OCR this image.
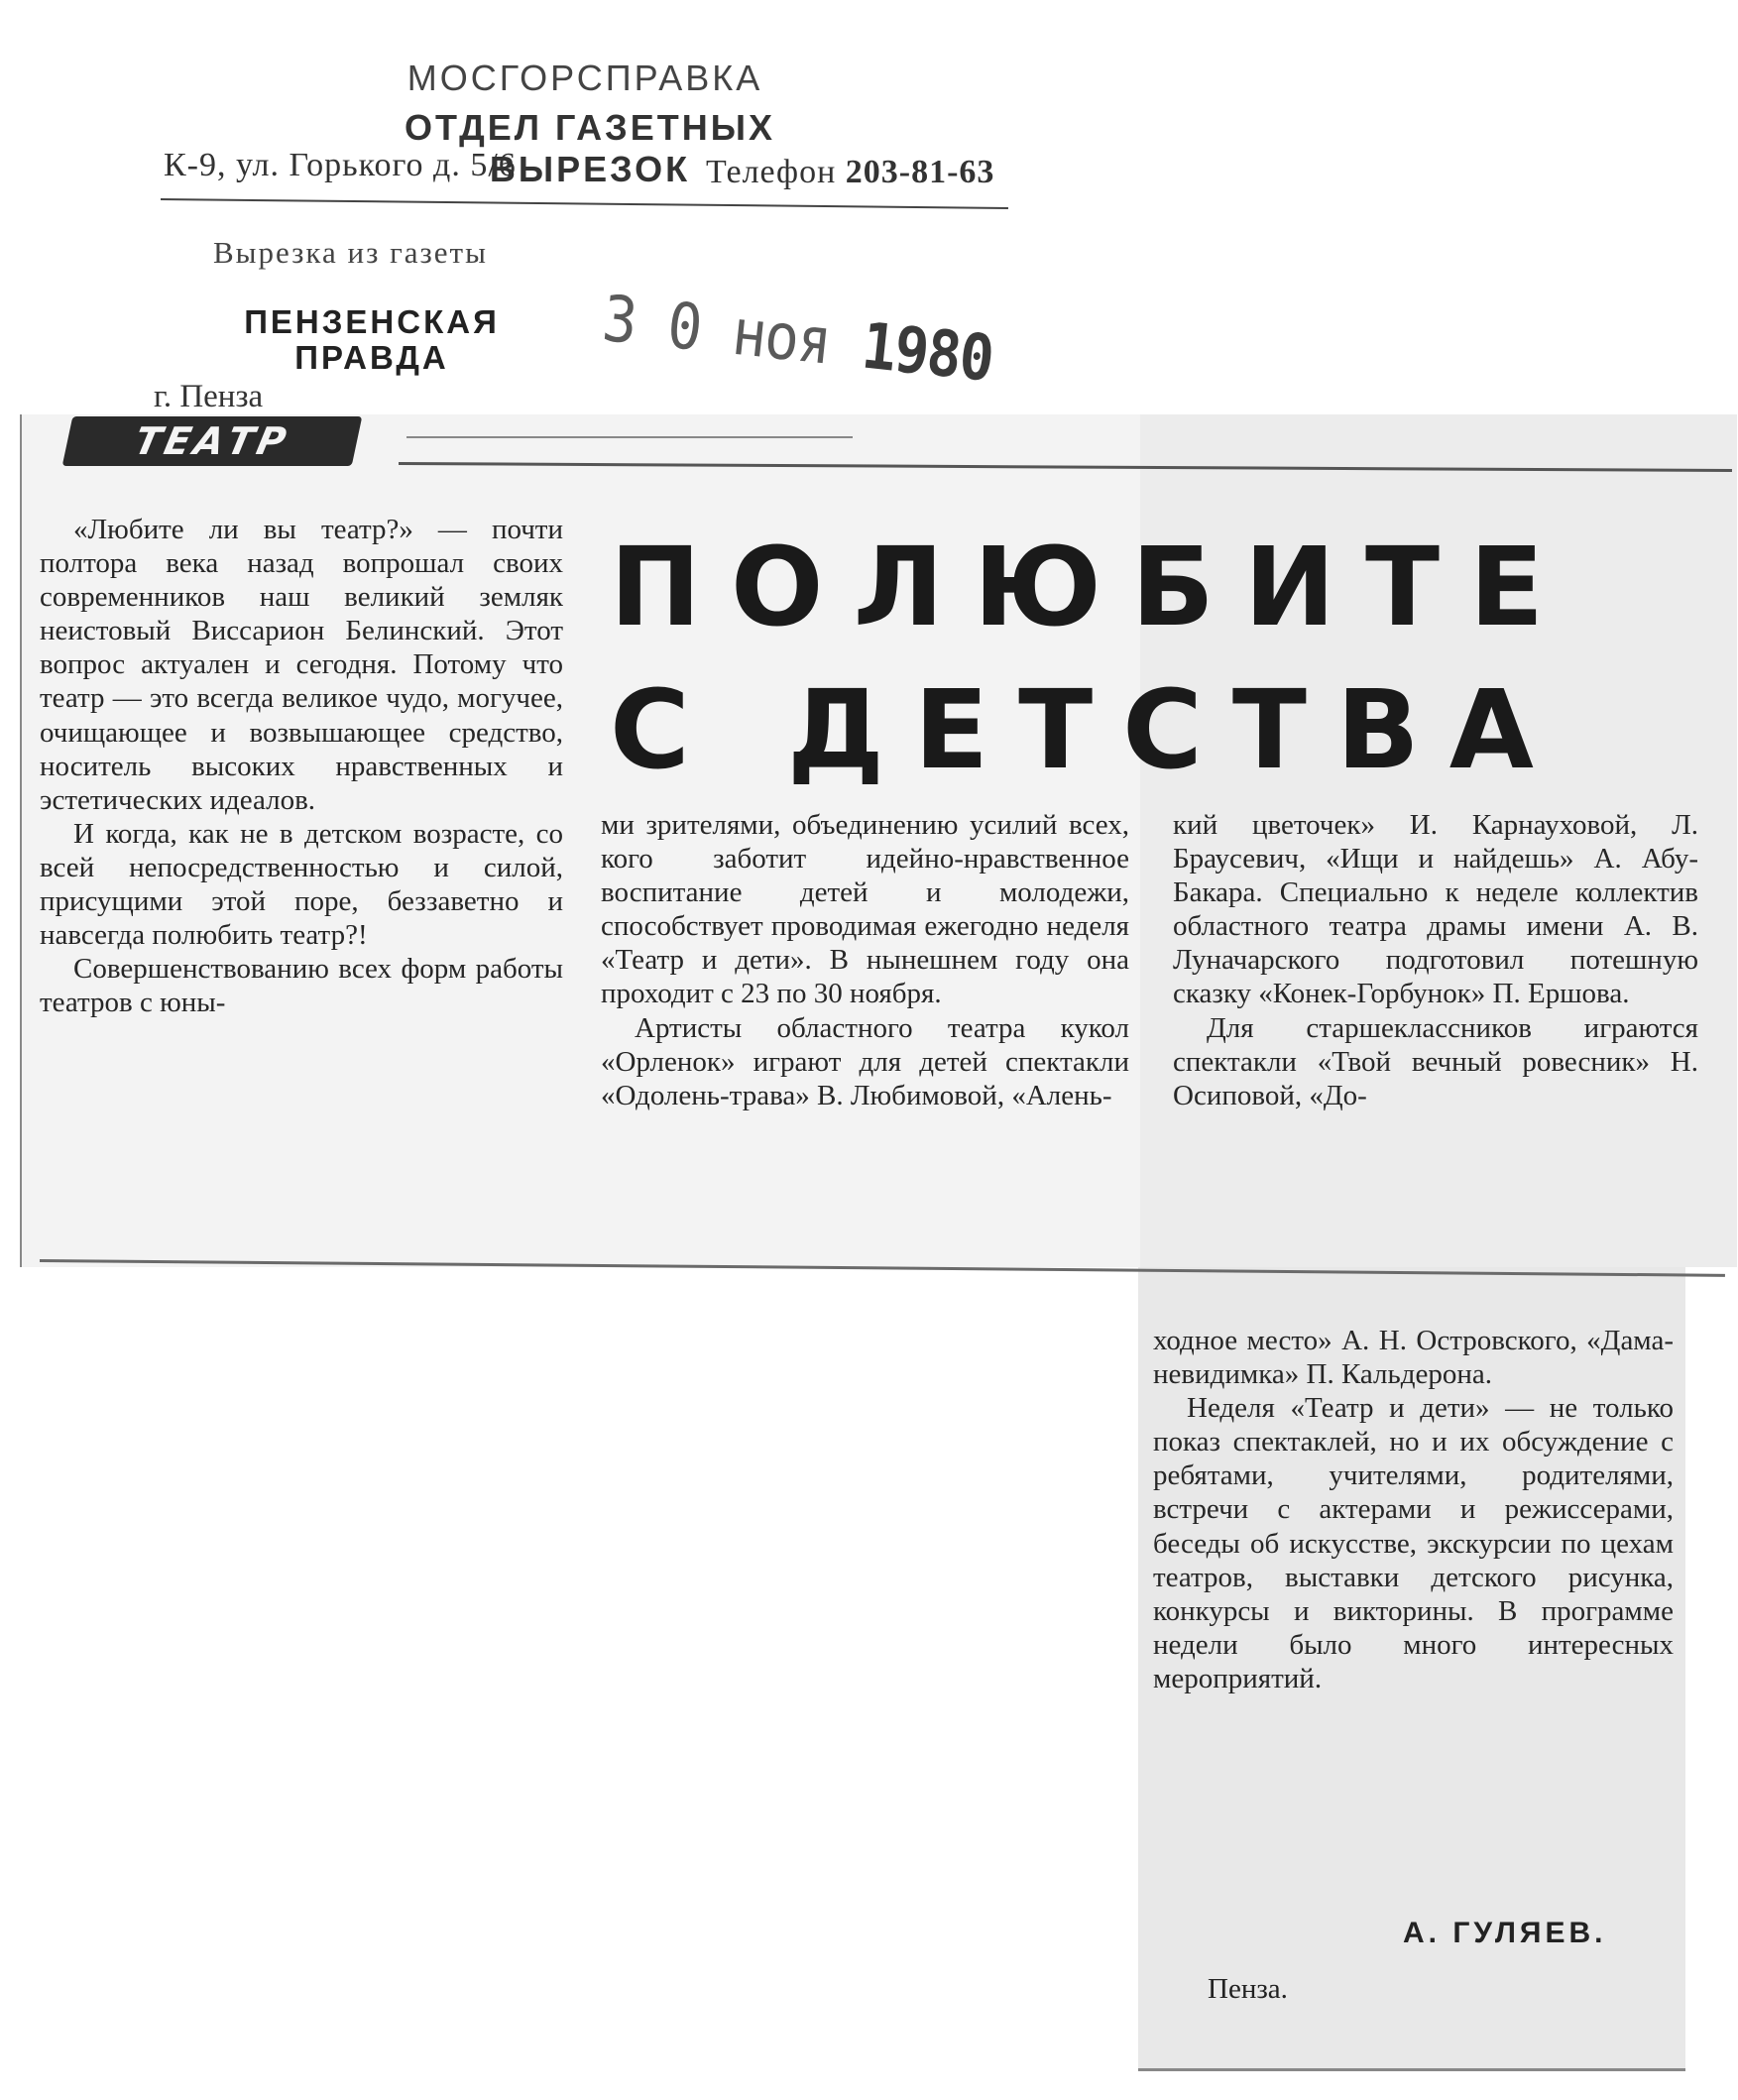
МОСГОРСПРАВКА
ОТДЕЛ ГАЗЕТНЫХ ВЫРЕЗОК
К-9, ул. Горького д. 5/6	Телефон 203-81-63
Вырезка из газеты
ПЕНЗЕНСКАЯ
ПРАВДА
г. Пенза
3 0 ноя 1980
ТЕАТР
ПОЛЮБИТЕ
С ДЕТСТВА

«Любите ли вы театр?» — почти полтора века назад вопрошал своих современников наш великий земляк неистовый Виссарион Белинский. Этот вопрос актуален и сегодня. Потому что театр — это всегда великое чудо, могучее, очищающее и возвышающее средство, носитель высоких нравственных и эстетических идеалов.

И когда, как не в детском возрасте, со всей непосредственностью и силой, присущими этой поре, беззаветно и навсегда полюбить театр?!

Совершенствованию всех форм работы театров с юны-

ми зрителями, объединению усилий всех, кого заботит идейно-нравственное воспитание детей и молодежи, способствует проводимая ежегодно неделя «Театр и дети». В нынешнем году она проходит с 23 по 30 ноября.

Артисты областного театра кукол «Орленок» играют для детей спектакли «Одолень-трава» В. Любимовой, «Алень-

кий цветочек» И. Карнауховой, Л. Браусевич, «Ищи и найдешь» А. Абу-Бакара. Специально к неделе коллектив областного театра драмы имени А. В. Луначарского подготовил потешную сказку «Конек-Горбунок» П. Ершова.

Для старшеклассников играются спектакли «Твой вечный ровесник» Н. Осиповой, «До-

ходное место» А. Н. Островского, «Дама-невидимка» П. Кальдерона.

Неделя «Театр и дети» — не только показ спектаклей, но и их обсуждение с ребятами, учителями, родителями, встречи с актерами и режиссерами, беседы об искусстве, экскурсии по цехам театров, выставки детского рисунка, конкурсы и викторины. В программе недели было много интересных мероприятий.

А. ГУЛЯЕВ.
Пенза.
